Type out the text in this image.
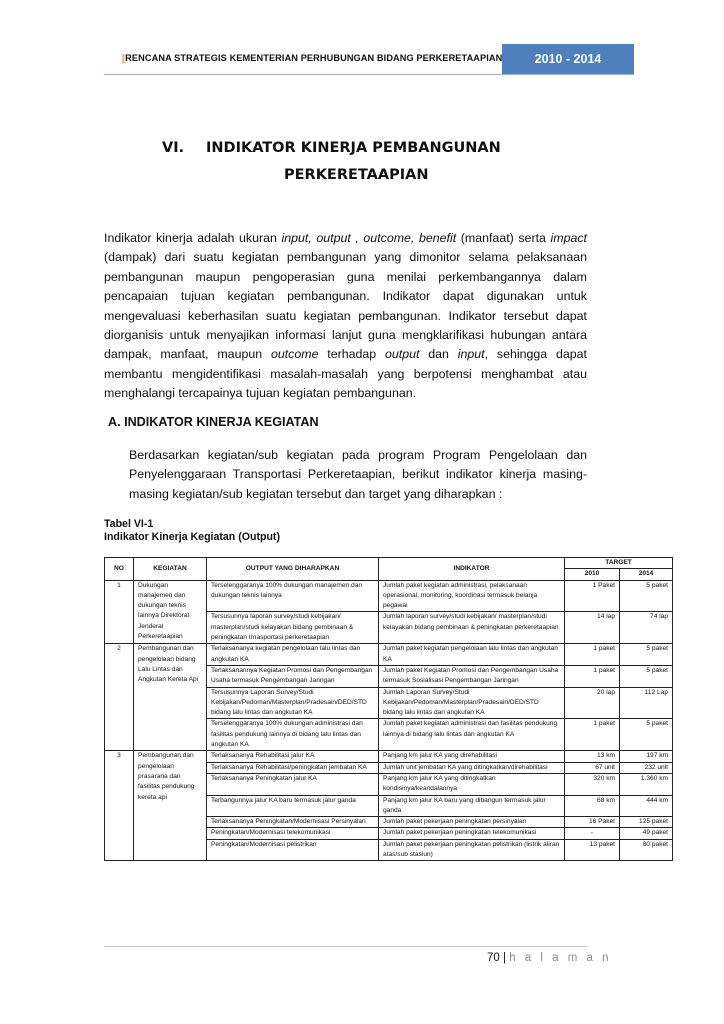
[RENCANA STRATEGIS KEMENTERIAN PERHUBUNGAN BIDANG PERKERETAAPIAN	2010 - 2014
VI. INDIKATOR KINERJA PEMBANGUNAN
PERKERETAAPIAN
Indikator kinerja adalah ukuran input, output , outcome, benefit (manfaat) serta impact (dampak) dari suatu kegiatan pembangunan yang dimonitor selama pelaksanaan pembangunan maupun pengoperasian guna menilai perkembangannya dalam pencapaian tujuan kegiatan pembangunan. Indikator dapat digunakan untuk mengevaluasi keberhasilan suatu kegiatan pembangunan. Indikator tersebut dapat diorganisis untuk menyajikan informasi lanjut guna mengklarifikasi hubungan antara dampak, manfaat, maupun outcome terhadap output dan input, sehingga dapat membantu mengidentifikasi masalah-masalah yang berpotensi menghambat atau menghalangi tercapainya tujuan kegiatan pembangunan.
A. INDIKATOR KINERJA KEGIATAN
Berdasarkan kegiatan/sub kegiatan pada program Program Pengelolaan dan Penyelenggaraan Transportasi Perkeretaapian, berikut indikator kinerja masing-masing kegiatan/sub kegiatan tersebut dan target yang diharapkan :
Tabel VI-1
Indikator Kinerja Kegiatan (Output)
NO	KEGIATAN	OUTPUT YANG DIHARAPKAN	INDIKATOR	TARGET	
				2010	2014
1	Dukungan manajemen dan dukungan teknis lainnya Direktorat Jenderal Perkeretaapian	Terselenggaranya 100% dukungan manajemen dan dukungan teknis lainnya	Jumlah paket kegiatan administrasi, pelaksanaan operasional, monitoring, koordinasi termasuk belanja pegawai	1 Paket	5 paket
		Tersusunnya laporan survey/studi kebijakan/ masterplan/studi kelayakan bidang pembinaan & peningkatan trnasportasi perkeretaapian	Jumlah laporan survey/studi kebijakan/ masterplan/studi kelayakan bidang pembinaan & peningkatan perkeretaapian	14 lap	74 lap
2	Pembangunan dan pengelolaan bidang Lalu Lintas dan Angkutan Kereta Api	Terlaksananya kegiatan pengelolaan lalu lintas dan angkutan KA	Jumlah paket kegiatan pengelolaan lalu lintas dan angkutan KA	1 paket	5 paket
		Terlaksanannya Kegiatan Promosi dan Pengembangan Usaha termasuk Pengembangan Jaringan	Jumlah paket Kegiatan Promosi dan Pengembangan Usaha termasuk Sosialisasi Pengembangan Jaringan	1 paket	5 paket
		Tersusunnya Laporan Survey/Studi Kebijakan/Pedoman/Masterplan/Pradesain/DED/STD bidang lalu lintas dan angkutan KA	Jumlah Laporan Survey/Studi Kebijakan/Pedoman/Masterplan/Pradesain/DED/STD bidang lalu lintas dan angkutan KA	20 lap	112 Lap
		Terselenggaranya 100% dukungan administrasi dan fasilitas pendukung lainnya di bidang lalu lintas dan angkutan KA	Jumlah paket kegiatan administrasi dan fasilitas pendukung lainnya di bidang lalu lintas dan angkutan KA	1 paket	5 paket
3	Pembangunan dan pengelolaan prasarana dan fasilitas pendukung kereta api	Terlaksananya Rehabilitasi jalur KA	Panjang km jalur KA yang direhabilitasi	13 km	197 km
		Terlaksananya Rehabilitasi/peningkatan jembatan KA	Jumlah unit jembatan KA yang ditingkatkan/direhabilitasi	67 unit	232 unit
		Terlaksananya Peningkatan jalur KA	Panjang km jalur KA yang ditingkatkan kondisinya/keandalannya	320 km	1.360 km
		Terbangunnya jalur KA baru termasuk jalur ganda	Panjang km jalur KA baru yang dibangun termasuk jalur ganda	68 km	444 km
		Terlaksananya Peningkatan/Modernisasi Persinyalan	Jumlah paket pekerjaan peningkatan persinyalan	16 Paket	125 paket
		Peningkatan/Modernisasi telekomunikasi	Jumlah paket pekerjaan peningkatan telekomunikasi	-	49 paket
		Peningkatan/Modernisasi pelistrikan	Jumlah paket pekerjaan peningkatan pelistrikan (listrik aliran atas/sub stasiun)	13 paket	80 paket
70 | h a l a m a n
